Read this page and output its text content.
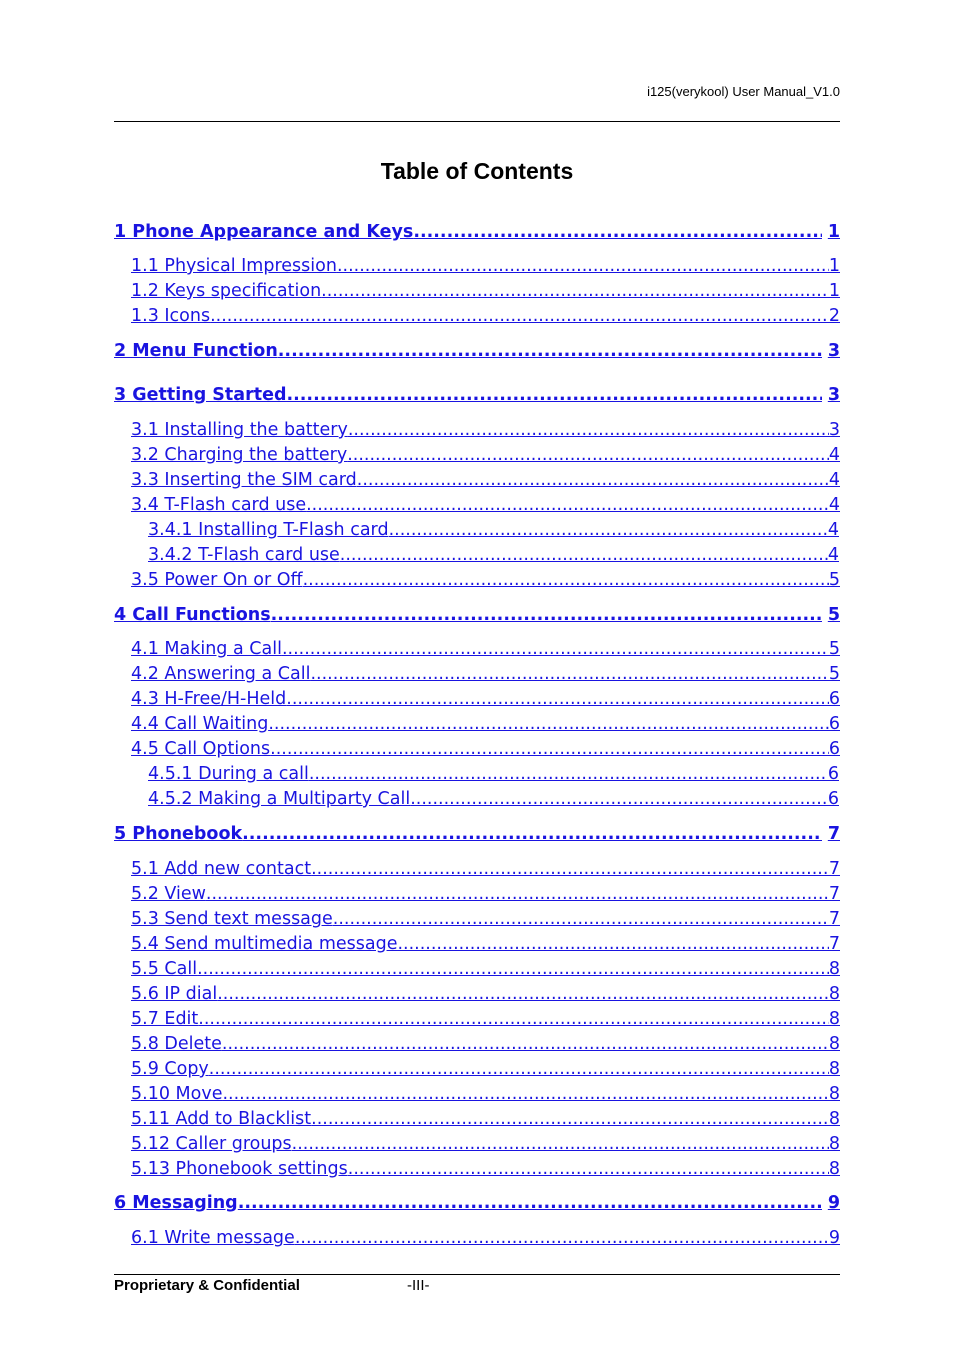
i125(verykool) User Manual_V1.0
Table of Contents
1 Phone Appearance and Keys .....	1
1.1 Physical Impression .....	1
1.2 Keys specification .....	1
1.3 Icons .....	2
2 Menu Function .....	3
3 Getting Started .....	3
3.1 Installing the battery .....	3
3.2 Charging the battery .....	4
3.3 Inserting the SIM card .....	4
3.4 T-Flash card use .....	4
3.4.1 Installing T-Flash card .....	4
3.4.2 T-Flash card use .....	4
3.5 Power On or Off .....	5
4 Call Functions .....	5
4.1 Making a Call .....	5
4.2 Answering a Call .....	5
4.3 H-Free/H-Held .....	6
4.4 Call Waiting .....	6
4.5 Call Options .....	6
4.5.1 During a call .....	6
4.5.2 Making a Multiparty Call .....	6
5 Phonebook .....	7
5.1 Add new contact .....	7
5.2 View .....	7
5.3 Send text message .....	7
5.4 Send multimedia message .....	7
5.5 Call .....	8
5.6 IP dial .....	8
5.7 Edit .....	8
5.8 Delete .....	8
5.9 Copy .....	8
5.10 Move .....	8
5.11 Add to Blacklist .....	8
5.12 Caller groups .....	8
5.13 Phonebook settings .....	8
6 Messaging .....	9
6.1 Write message .....	9
Proprietary & Confidential	-III-
